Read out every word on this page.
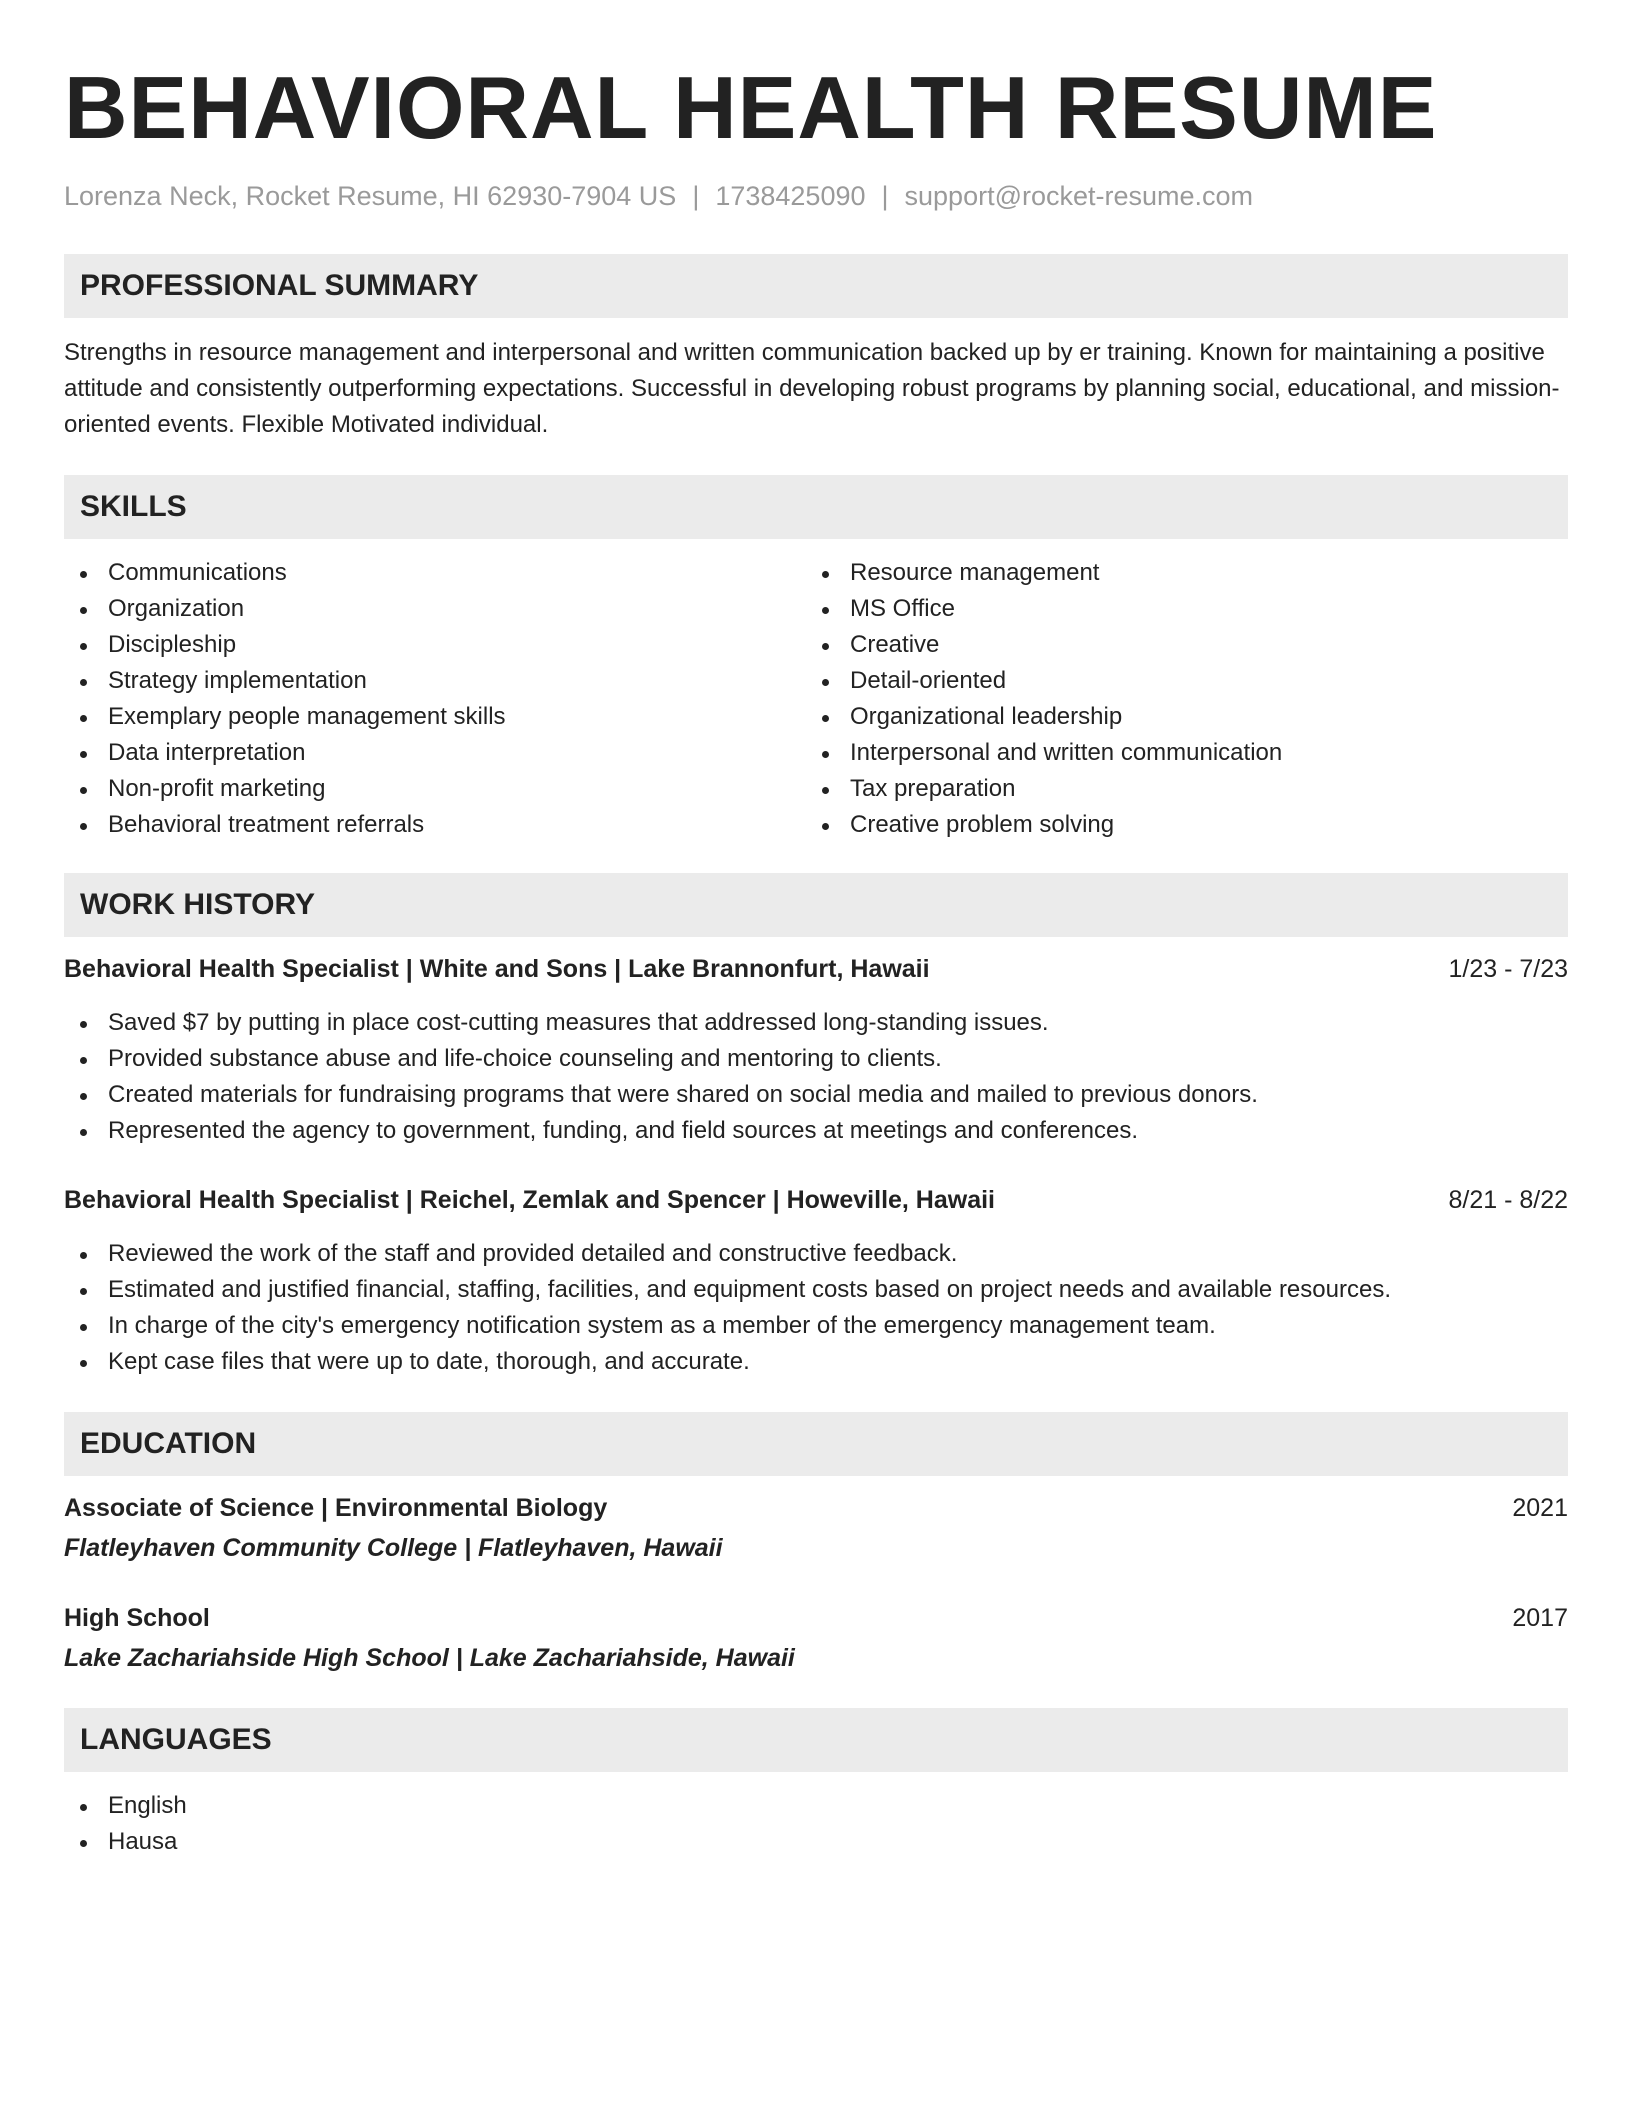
BEHAVIORAL HEALTH RESUME
Lorenza Neck, Rocket Resume, HI 62930-7904 US | 1738425090 | support@rocket-resume.com
PROFESSIONAL SUMMARY

Strengths in resource management and interpersonal and written communication backed up by er training. Known for maintaining a positive attitude and consistently outperforming expectations. Successful in developing robust programs by planning social, educational, and mission-oriented events. Flexible Motivated individual.

SKILLS
Communications
Organization
Discipleship
Strategy implementation
Exemplary people management skills
Data interpretation
Non-profit marketing
Behavioral treatment referrals
Resource management
MS Office
Creative
Detail-oriented
Organizational leadership
Interpersonal and written communication
Tax preparation
Creative problem solving
WORK HISTORY
Behavioral Health Specialist | White and Sons | Lake Brannonfurt, Hawaii	1/23 - 7/23
Saved $7 by putting in place cost-cutting measures that addressed long-standing issues.
Provided substance abuse and life-choice counseling and mentoring to clients.
Created materials for fundraising programs that were shared on social media and mailed to previous donors.
Represented the agency to government, funding, and field sources at meetings and conferences.
Behavioral Health Specialist | Reichel, Zemlak and Spencer | Howeville, Hawaii	8/21 - 8/22
Reviewed the work of the staff and provided detailed and constructive feedback.
Estimated and justified financial, staffing, facilities, and equipment costs based on project needs and available resources.
In charge of the city's emergency notification system as a member of the emergency management team.
Kept case files that were up to date, thorough, and accurate.
EDUCATION
Associate of Science | Environmental Biology	2021
Flatleyhaven Community College | Flatleyhaven, Hawaii
High School	2017
Lake Zachariahside High School | Lake Zachariahside, Hawaii
LANGUAGES
English
Hausa
